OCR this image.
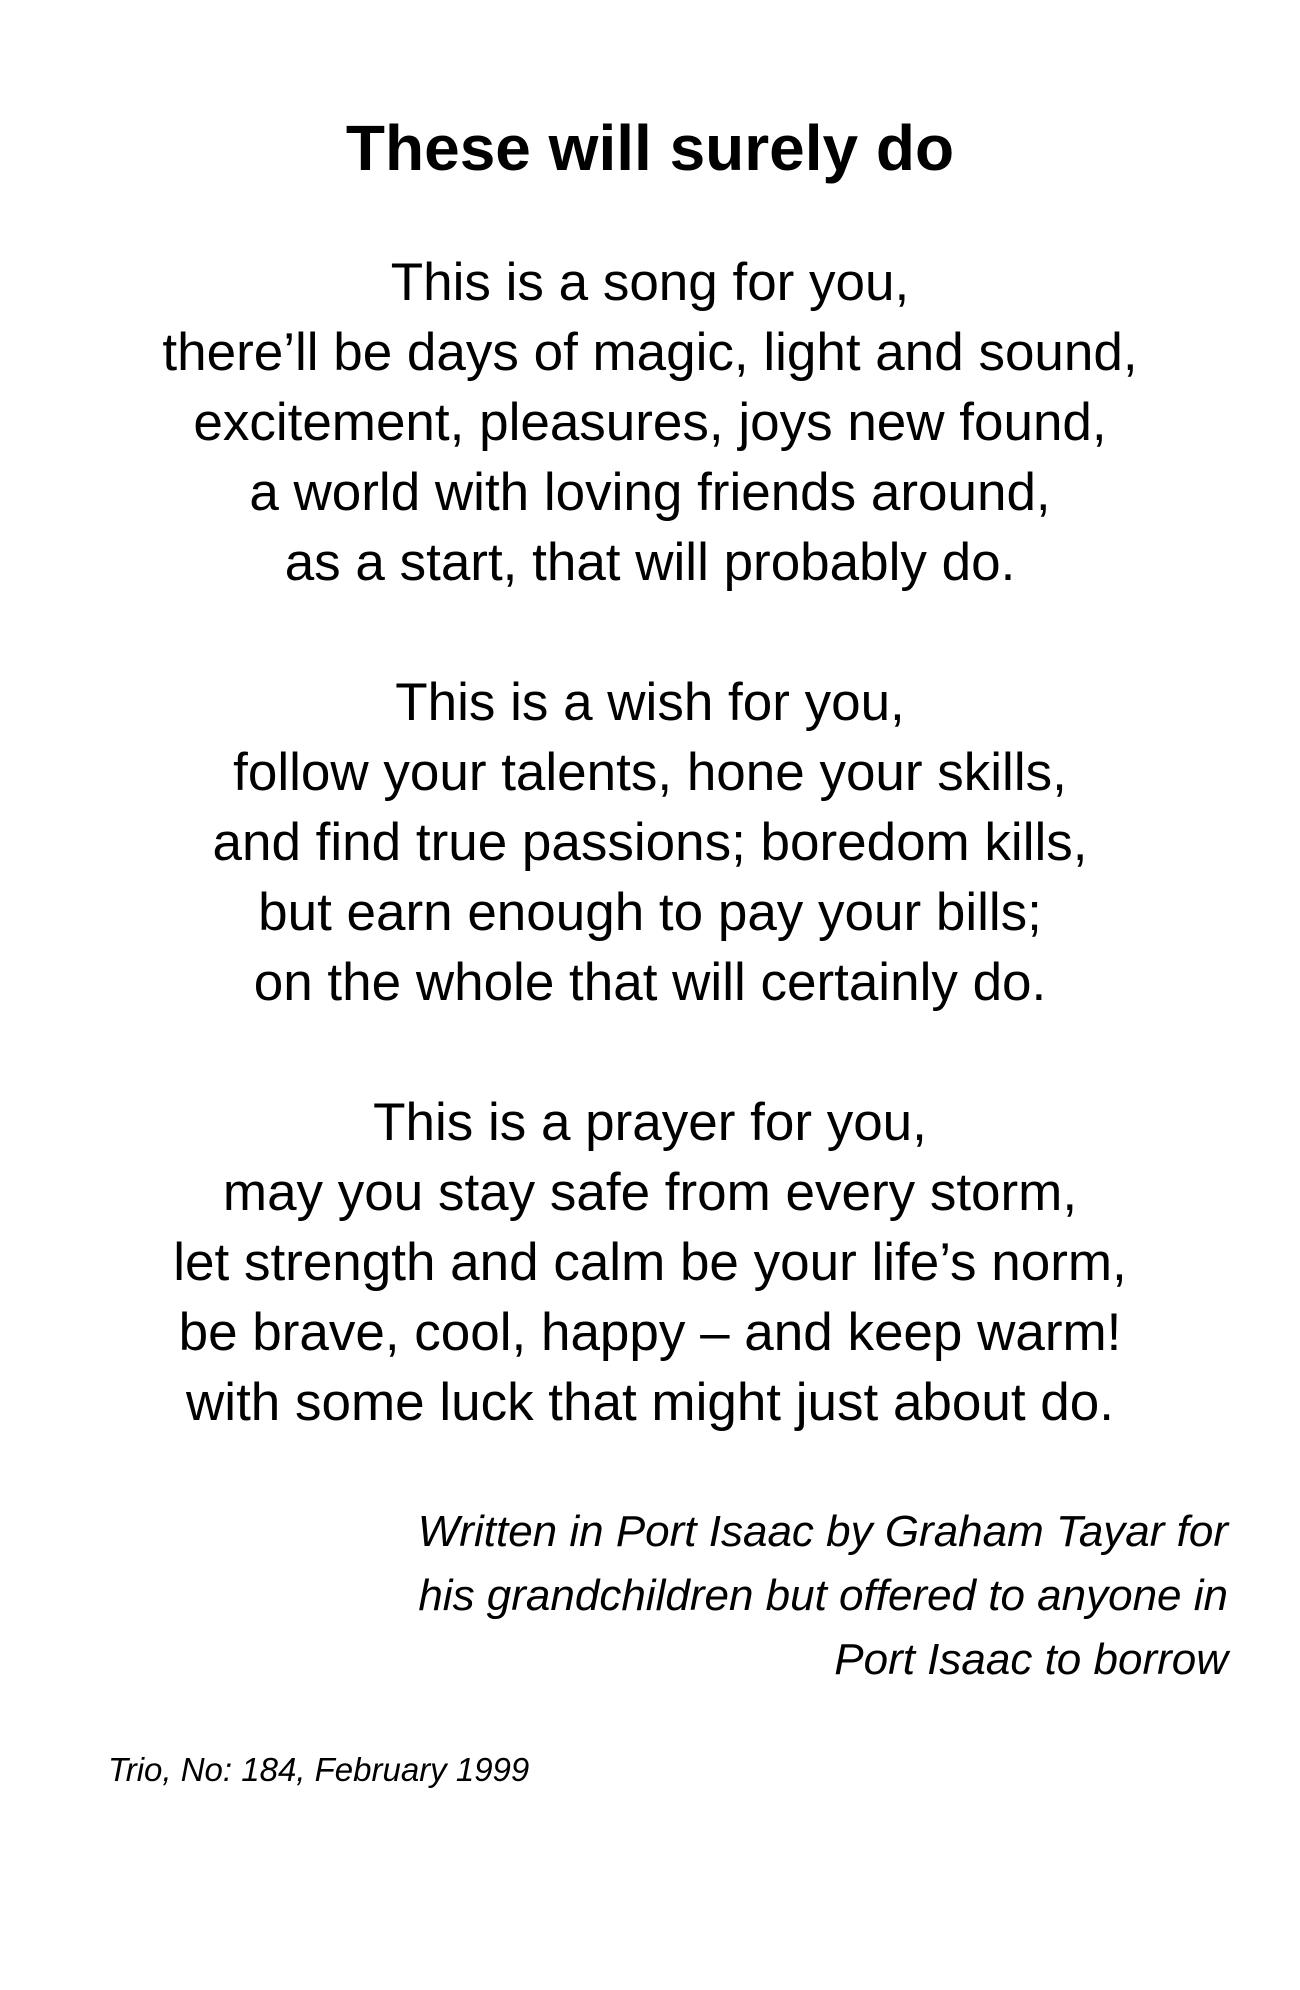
These will surely do
This is a song for you,
there’ll be days of magic, light and sound,
excitement, pleasures, joys new found,
a world with loving friends around,
as a start, that will probably do.
This is a wish for you,
follow your talents, hone your skills,
and find true passions; boredom kills,
but earn enough to pay your bills;
on the whole that will certainly do.
This is a prayer for you,
may you stay safe from every storm,
let strength and calm be your life’s norm,
be brave, cool, happy – and keep warm!
with some luck that might just about do.
Written in Port Isaac by Graham Tayar for
his grandchildren but offered to anyone in
Port Isaac to borrow

Trio, No: 184, February 1999
